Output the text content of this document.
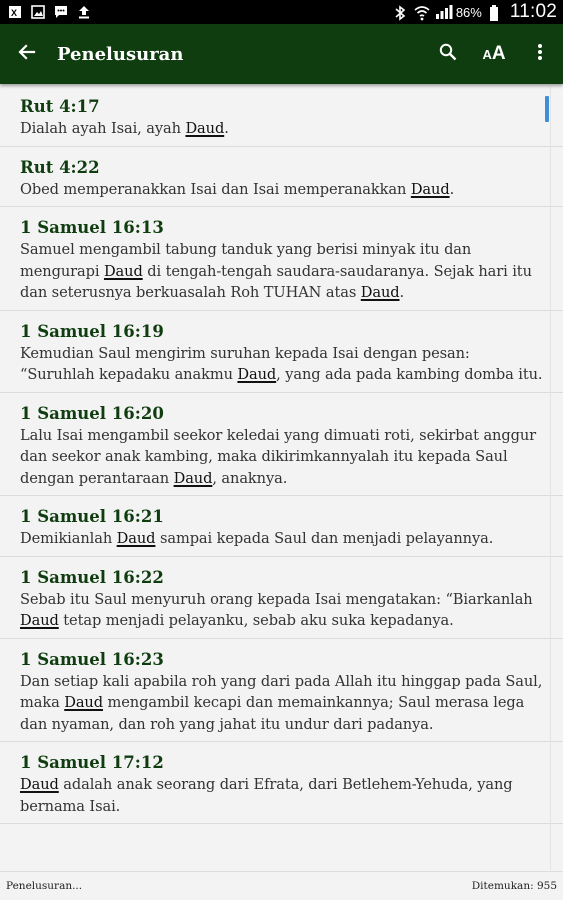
X	86% 11:02
Penelusuran	A A
Rut 4:17
Dialah ayah Isai, ayah Daud.
Rut 4:22
Obed memperanakkan Isai dan Isai memperanakkan Daud.
1 Samuel 16:13
Samuel mengambil tabung tanduk yang berisi minyak itu dan mengurapi Daud di tengah-tengah saudara-saudaranya. Sejak hari itu dan seterusnya berkuasalah Roh TUHAN atas Daud.
1 Samuel 16:19
Kemudian Saul mengirim suruhan kepada Isai dengan pesan: “Suruhlah kepadaku anakmu Daud, yang ada pada kambing domba itu.
1 Samuel 16:20
Lalu Isai mengambil seekor keledai yang dimuati roti, sekirbat anggur dan seekor anak kambing, maka dikirimkannyalah itu kepada Saul dengan perantaraan Daud, anaknya.
1 Samuel 16:21
Demikianlah Daud sampai kepada Saul dan menjadi pelayannya.
1 Samuel 16:22
Sebab itu Saul menyuruh orang kepada Isai mengatakan: “Biarkanlah Daud tetap menjadi pelayanku, sebab aku suka kepadanya.
1 Samuel 16:23
Dan setiap kali apabila roh yang dari pada Allah itu hinggap pada Saul, maka Daud mengambil kecapi dan memainkannya; Saul merasa lega dan nyaman, dan roh yang jahat itu undur dari padanya.
1 Samuel 17:12
Daud adalah anak seorang dari Efrata, dari Betlehem-Yehuda, yang bernama Isai.
Penelusuran...	Ditemukan: 955
